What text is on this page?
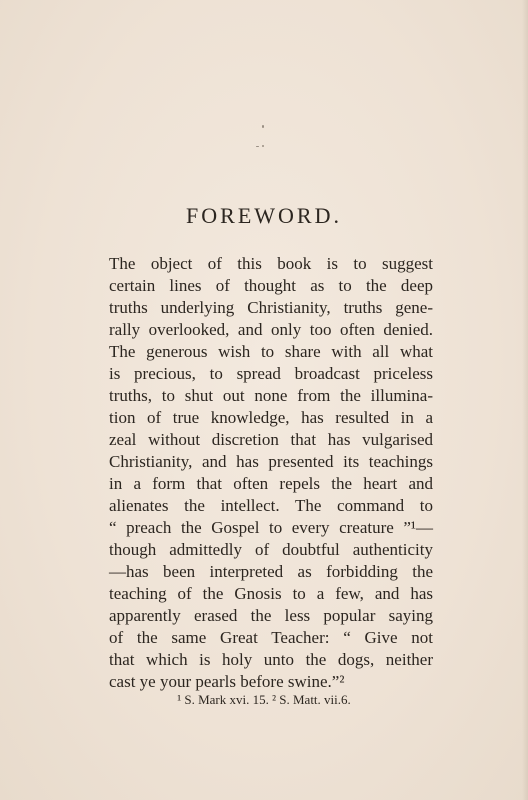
FOREWORD.
The object of this book is to suggest
certain lines of thought as to the deep
truths underlying Christianity, truths gene-
rally overlooked, and only too often denied.
The generous wish to share with all what
is precious, to spread broadcast priceless
truths, to shut out none from the illumina-
tion of true knowledge, has resulted in a
zeal without discretion that has vulgarised
Christianity, and has presented its teachings
in a form that often repels the heart and
alienates the intellect. The command to
“ preach the Gospel to every creature ”¹—
though admittedly of doubtful authenticity
—has been interpreted as forbidding the
teaching of the Gnosis to a few, and has
apparently erased the less popular saying
of the same Great Teacher: “ Give not
that which is holy unto the dogs, neither
cast ye your pearls before swine.”²

¹ S. Mark xvi. 15. ² S. Matt. vii.6.
